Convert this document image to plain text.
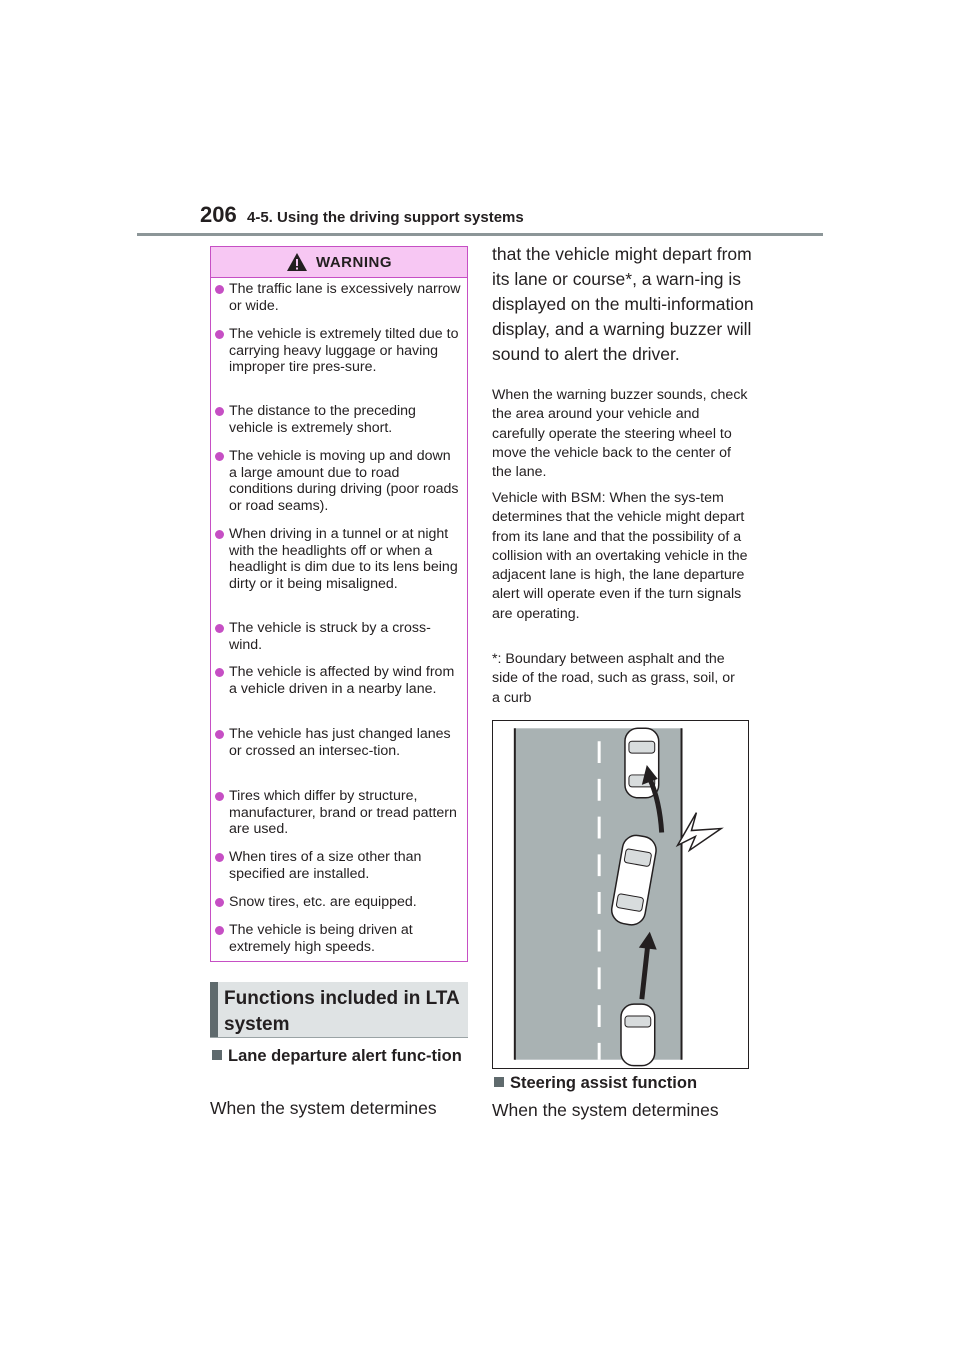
206 4-5. Using the driving support systems
WARNING
The traffic lane is excessively narrow or wide.
The vehicle is extremely tilted due to carrying heavy luggage or having improper tire pres-sure.
The distance to the preceding vehicle is extremely short.
The vehicle is moving up and down a large amount due to road conditions during driving (poor roads or road seams).
When driving in a tunnel or at night with the headlights off or when a headlight is dim due to its lens being dirty or it being misaligned.
The vehicle is struck by a cross-wind.
The vehicle is affected by wind from a vehicle driven in a nearby lane.
The vehicle has just changed lanes or crossed an intersec-tion.
Tires which differ by structure, manufacturer, brand or tread pattern are used.
When tires of a size other than specified are installed.
Snow tires, etc. are equipped.
The vehicle is being driven at extremely high speeds.
Functions included in LTA system
Lane departure alert func-tion
When the system determines
that the vehicle might depart from its lane or course*, a warn-ing is displayed on the multi-information display, and a warning buzzer will sound to alert the driver.
When the warning buzzer sounds, check the area around your vehicle and carefully operate the steering wheel to move the vehicle back to the center of the lane.
Vehicle with BSM: When the sys-tem determines that the vehicle might depart from its lane and that the possibility of a collision with an overtaking vehicle in the adjacent lane is high, the lane departure alert will operate even if the turn signals are operating.
*: Boundary between asphalt and the side of the road, such as grass, soil, or a curb
Steering assist function
When the system determines
